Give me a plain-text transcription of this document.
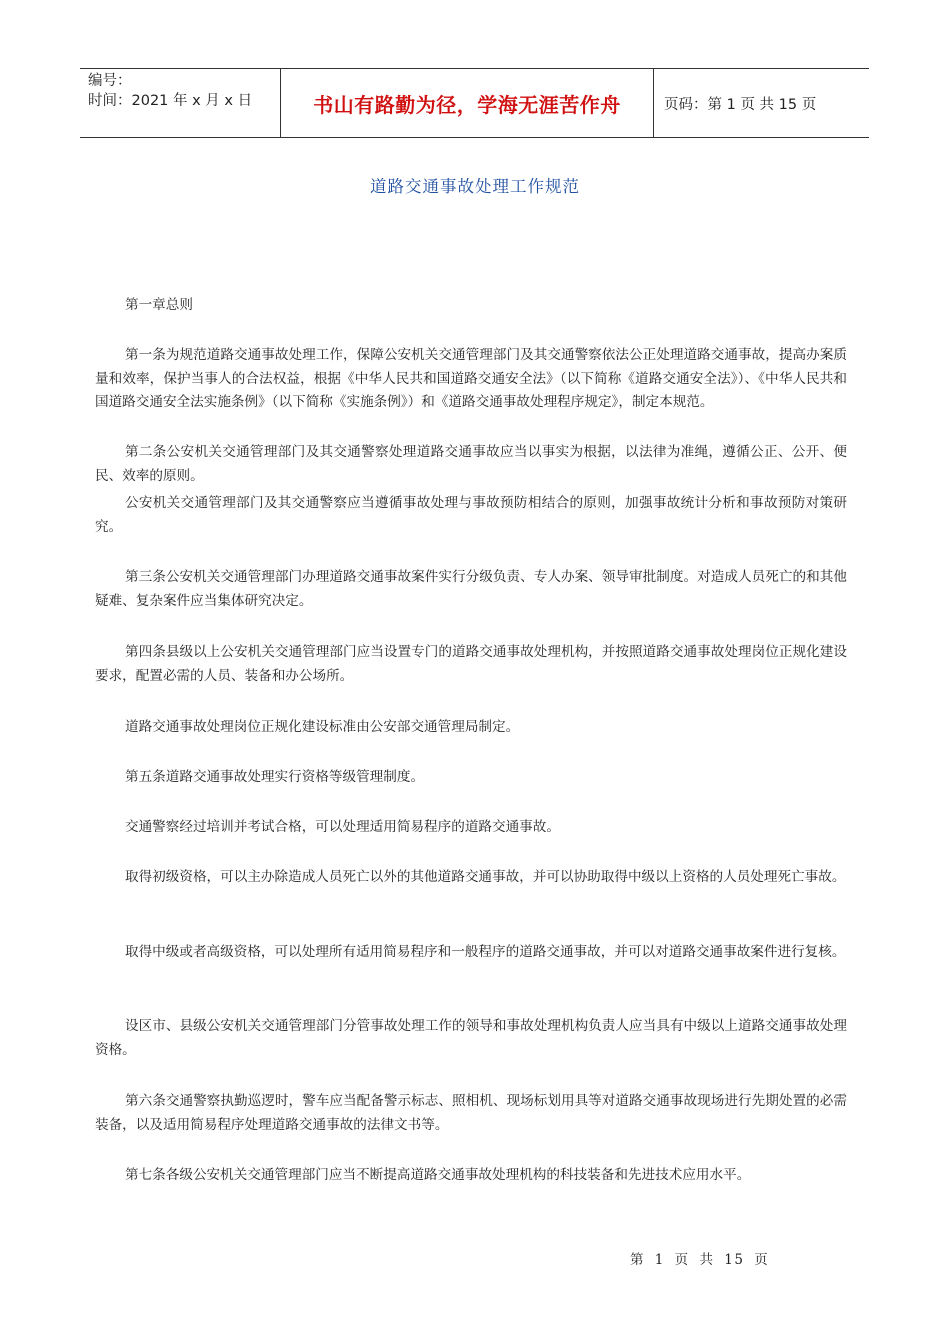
编号：
时间：2021 年 x 月 x 日	书山有路勤为径，学海无涯苦作舟	页码：第 1 页 共 15 页
道路交通事故处理工作规范

第一章总则

第一条为规范道路交通事故处理工作，保障公安机关交通管理部门及其交通警察依法公正处理道路交通事故，提高办案质量和效率，保护当事人的合法权益，根据《中华人民共和国道路交通安全法》（以下简称《道路交通安全法》）、《中华人民共和国道路交通安全法实施条例》（以下简称《实施条例》）和《道路交通事故处理程序规定》，制定本规范。

第二条公安机关交通管理部门及其交通警察处理道路交通事故应当以事实为根据，以法律为准绳，遵循公正、公开、便民、效率的原则。

公安机关交通管理部门及其交通警察应当遵循事故处理与事故预防相结合的原则，加强事故统计分析和事故预防对策研究。

第三条公安机关交通管理部门办理道路交通事故案件实行分级负责、专人办案、领导审批制度。对造成人员死亡的和其他疑难、复杂案件应当集体研究决定。

第四条县级以上公安机关交通管理部门应当设置专门的道路交通事故处理机构，并按照道路交通事故处理岗位正规化建设要求，配置必需的人员、装备和办公场所。

道路交通事故处理岗位正规化建设标准由公安部交通管理局制定。

第五条道路交通事故处理实行资格等级管理制度。

交通警察经过培训并考试合格，可以处理适用简易程序的道路交通事故。

取得初级资格，可以主办除造成人员死亡以外的其他道路交通事故，并可以协助取得中级以上资格的人员处理死亡事故。

取得中级或者高级资格，可以处理所有适用简易程序和一般程序的道路交通事故，并可以对道路交通事故案件进行复核。

设区市、县级公安机关交通管理部门分管事故处理工作的领导和事故处理机构负责人应当具有中级以上道路交通事故处理资格。

第六条交通警察执勤巡逻时，警车应当配备警示标志、照相机、现场标划用具等对道路交通事故现场进行先期处置的必需装备，以及适用简易程序处理道路交通事故的法律文书等。

第七条各级公安机关交通管理部门应当不断提高道路交通事故处理机构的科技装备和先进技术应用水平。

第 1 页 共 15 页
